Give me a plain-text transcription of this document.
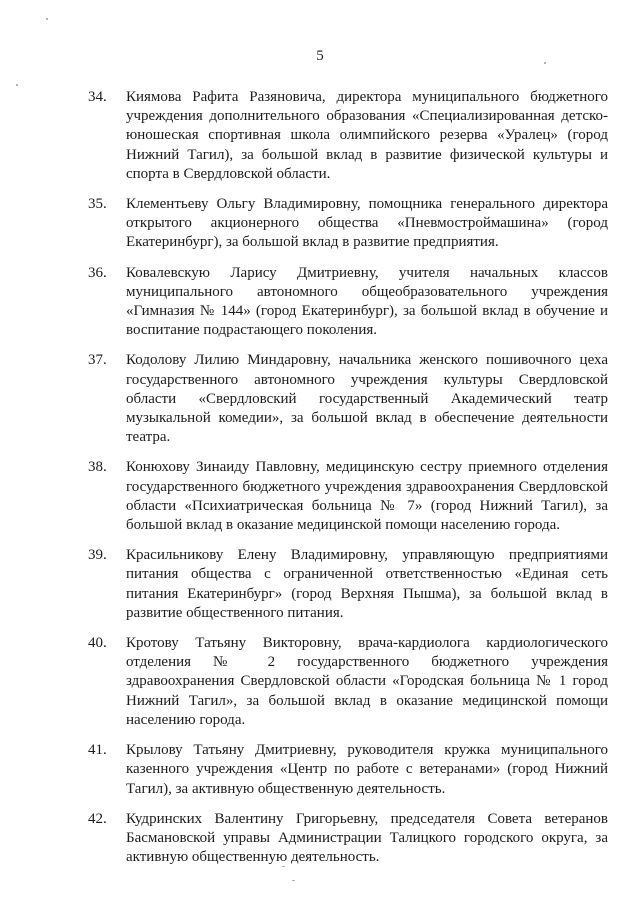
5
34.	Киямова Рафита Разяновича, директора муниципального бюджетного учреждения дополнительного образования «Специализированная детско-юношеская спортивная школа олимпийского резерва «Уралец» (город Нижний Тагил), за большой вклад в развитие физической культуры и спорта в Свердловской области.
35.	Клементьеву Ольгу Владимировну, помощника генерального директора открытого акционерного общества «Пневмостроймашина» (город Екатеринбург), за большой вклад в развитие предприятия.
36.	Ковалевскую Ларису Дмитриевну, учителя начальных классов муниципального автономного общеобразовательного учреждения «Гимназия № 144» (город Екатеринбург), за большой вклад в обучение и воспитание подрастающего поколения.
37.	Кодолову Лилию Миндаровну, начальника женского пошивочного цеха государственного автономного учреждения культуры Свердловской области «Свердловский государственный Академический театр музыкальной комедии», за большой вклад в обеспечение деятельности театра.
38.	Конюхову Зинаиду Павловну, медицинскую сестру приемного отделения государственного бюджетного учреждения здравоохранения Свердловской области «Психиатрическая больница № 7» (город Нижний Тагил), за большой вклад в оказание медицинской помощи населению города.
39.	Красильникову Елену Владимировну, управляющую предприятиями питания общества с ограниченной ответственностью «Единая сеть питания Екатеринбург» (город Верхняя Пышма), за большой вклад в развитие общественного питания.
40.	Кротову Татьяну Викторовну, врача-кардиолога кардиологического отделения № 2 государственного бюджетного учреждения здравоохранения Свердловской области «Городская больница № 1 город Нижний Тагил», за большой вклад в оказание медицинской помощи населению города.
41.	Крылову Татьяну Дмитриевну, руководителя кружка муниципального казенного учреждения «Центр по работе с ветеранами» (город Нижний Тагил), за активную общественную деятельность.
42.	Кудринских Валентину Григорьевну, председателя Совета ветеранов Басмановской управы Администрации Талицкого городского округа, за активную общественную деятельность.
